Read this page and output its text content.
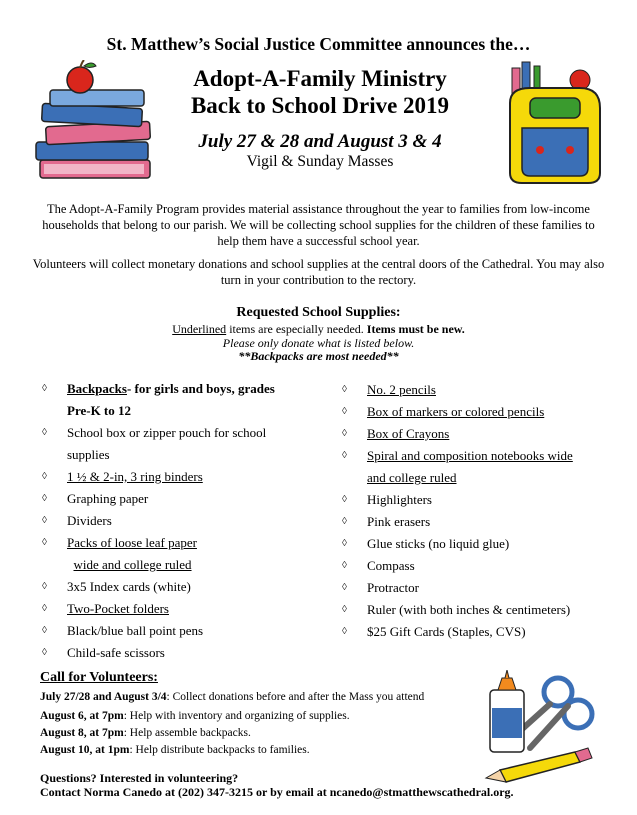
St. Matthew’s Social Justice Committee announces the…
Adopt-A-Family Ministry
Back to School Drive 2019
July 27 & 28 and August 3 & 4
Vigil & Sunday Masses
The Adopt-A-Family Program provides material assistance throughout the year to families from low-income households that belong to our parish. We will be collecting school supplies for the children of these families to help them have a successful school year.
Volunteers will collect monetary donations and school supplies at the central doors of the Cathedral. You may also turn in your contribution to the rectory.
Requested School Supplies:
Underlined items are especially needed. Items must be new.
Please only donate what is listed below.
**Backpacks are most needed**
◊	Backpacks- for girls and boys, grades
Pre-K to 12
◊	School box or zipper pouch for school
supplies
◊	1 ½ & 2-in, 3 ring binders
◊	Graphing paper
◊	Dividers
◊	Packs of loose leaf paper
wide and college ruled
◊	3x5 Index cards (white)
◊	Two-Pocket folders
◊	Black/blue ball point pens
◊	Child-safe scissors
◊	No. 2 pencils
◊	Box of markers or colored pencils
◊	Box of Crayons
◊	Spiral and composition notebooks wide
and college ruled
◊	Highlighters
◊	Pink erasers
◊	Glue sticks (no liquid glue)
◊	Compass
◊	Protractor
◊	Ruler (with both inches & centimeters)
◊	$25 Gift Cards (Staples, CVS)
Call for Volunteers:
July 27/28 and August 3/4: Collect donations before and after the Mass you attend
August 6, at 7pm: Help with inventory and organizing of supplies.
August 8, at 7pm: Help assemble backpacks.
August 10, at 1pm: Help distribute backpacks to families.
Questions? Interested in volunteering?
Contact Norma Canedo at (202) 347-3215 or by email at ncanedo@stmatthewscathedral.org.
